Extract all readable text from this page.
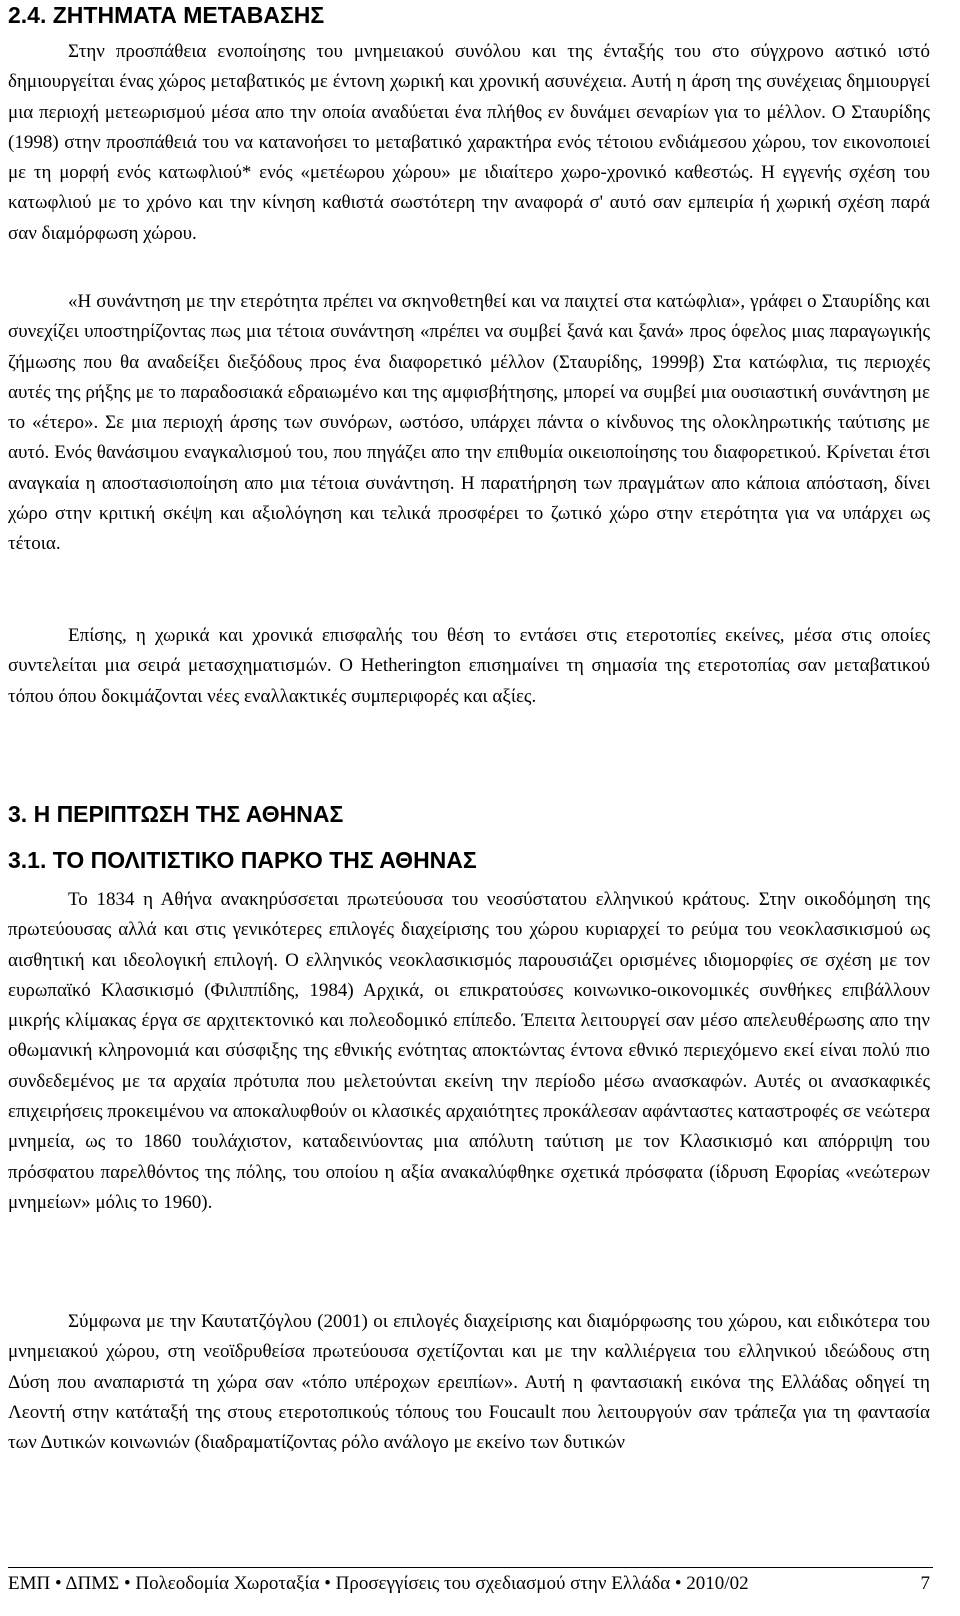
2.4. ΖΗΤΗΜΑΤΑ ΜΕΤΑΒΑΣΗΣ

Στην προσπάθεια ενοποίησης του μνημειακού συνόλου και της ένταξής του στο σύγχρονο αστικό ιστό δημιουργείται ένας χώρος μεταβατικός με έντονη χωρική και χρονική ασυνέχεια. Αυτή η άρση της συνέχειας δημιουργεί μια περιοχή μετεωρισμού μέσα απο την οποία αναδύεται ένα πλήθος εν δυνάμει σεναρίων για το μέλλον. Ο Σταυρίδης (1998) στην προσπάθειά του να κατανοήσει το μεταβατικό χαρακτήρα ενός τέτοιου ενδιάμεσου χώρου, τον εικονοποιεί με τη μορφή ενός κατωφλιού* ενός «μετέωρου χώρου» με ιδιαίτερο χωρο-χρονικό καθεστώς. Η εγγενής σχέση του κατωφλιού με το χρόνο και την κίνηση καθιστά σωστότερη την αναφορά σ' αυτό σαν εμπειρία ή χωρική σχέση παρά σαν διαμόρφωση χώρου.

«Η συνάντηση με την ετερότητα πρέπει να σκηνοθετηθεί και να παιχτεί στα κατώφλια», γράφει ο Σταυρίδης και συνεχίζει υποστηρίζοντας πως μια τέτοια συνάντηση «πρέπει να συμβεί ξανά και ξανά» προς όφελος μιας παραγωγικής ζήμωσης που θα αναδείξει διεξόδους προς ένα διαφορετικό μέλλον (Σταυρίδης, 1999β) Στα κατώφλια, τις περιοχές αυτές της ρήξης με το παραδοσιακά εδραιωμένο και της αμφισβήτησης, μπορεί να συμβεί μια ουσιαστική συνάντηση με το «έτερο». Σε μια περιοχή άρσης των συνόρων, ωστόσο, υπάρχει πάντα ο κίνδυνος της ολοκληρωτικής ταύτισης με αυτό. Ενός θανάσιμου εναγκαλισμού του, που πηγάζει απο την επιθυμία οικειοποίησης του διαφορετικού. Κρίνεται έτσι αναγκαία η αποστασιοποίηση απο μια τέτοια συνάντηση. Η παρατήρηση των πραγμάτων απο κάποια απόσταση, δίνει χώρο στην κριτική σκέψη και αξιολόγηση και τελικά προσφέρει το ζωτικό χώρο στην ετερότητα για να υπάρχει ως τέτοια.

Επίσης, η χωρικά και χρονικά επισφαλής του θέση το εντάσει στις ετεροτοπίες εκείνες, μέσα στις οποίες συντελείται μια σειρά μετασχηματισμών. Ο Hetherington επισημαίνει τη σημασία της ετεροτοπίας σαν μεταβατικού τόπου όπου δοκιμάζονται νέες εναλλακτικές συμπεριφορές και αξίες.

3. Η ΠΕΡΙΠΤΩΣΗ ΤΗΣ ΑΘΗΝΑΣ
3.1. ΤΟ ΠΟΛΙΤΙΣΤΙΚΟ ΠΑΡΚΟ ΤΗΣ ΑΘΗΝΑΣ

Το 1834 η Αθήνα ανακηρύσσεται πρωτεύουσα του νεοσύστατου ελληνικού κράτους. Στην οικοδόμηση της πρωτεύουσας αλλά και στις γενικότερες επιλογές διαχείρισης του χώρου κυριαρχεί το ρεύμα του νεοκλασικισμού ως αισθητική και ιδεολογική επιλογή. Ο ελληνικός νεοκλασικισμός παρουσιάζει ορισμένες ιδιομορφίες σε σχέση με τον ευρωπαϊκό Κλασικισμό (Φιλιππίδης, 1984) Αρχικά, οι επικρατούσες κοινωνικο-οικονομικές συνθήκες επιβάλλουν μικρής κλίμακας έργα σε αρχιτεκτονικό και πολεοδομικό επίπεδο. Έπειτα λειτουργεί σαν μέσο απελευθέρωσης απο την οθωμανική κληρονομιά και σύσφιξης της εθνικής ενότητας αποκτώντας έντονα εθνικό περιεχόμενο εκεί είναι πολύ πιο συνδεδεμένος με τα αρχαία πρότυπα που μελετούνται εκείνη την περίοδο μέσω ανασκαφών. Αυτές οι ανασκαφικές επιχειρήσεις προκειμένου να αποκαλυφθούν οι κλασικές αρχαιότητες προκάλεσαν αφάνταστες καταστροφές σε νεώτερα μνημεία, ως το 1860 τουλάχιστον, καταδεινύοντας μια απόλυτη ταύτιση με τον Κλασικισμό και απόρριψη του πρόσφατου παρελθόντος της πόλης, του οποίου η αξία ανακαλύφθηκε σχετικά πρόσφατα (ίδρυση Εφορίας «νεώτερων μνημείων» μόλις το 1960).

Σύμφωνα με την Καυτατζόγλου (2001) οι επιλογές διαχείρισης και διαμόρφωσης του χώρου, και ειδικότερα του μνημειακού χώρου, στη νεοϊδρυθείσα πρωτεύουσα σχετίζονται και με την καλλιέργεια του ελληνικού ιδεώδους στη Δύση που αναπαριστά τη χώρα σαν «τόπο υπέροχων ερειπίων». Αυτή η φαντασιακή εικόνα της Ελλάδας οδηγεί τη Λεοντή στην κατάταξή της στους ετεροτοπικούς τόπους του Foucault που λειτουργούν σαν τράπεζα για τη φαντασία των Δυτικών κοινωνιών (διαδραματίζοντας ρόλο ανάλογο με εκείνο των δυτικών

ΕΜΠ • ΔΠΜΣ • Πολεοδομία Χωροταξία • Προσεγγίσεις του σχεδιασμού στην Ελλάδα • 2010/02	7
